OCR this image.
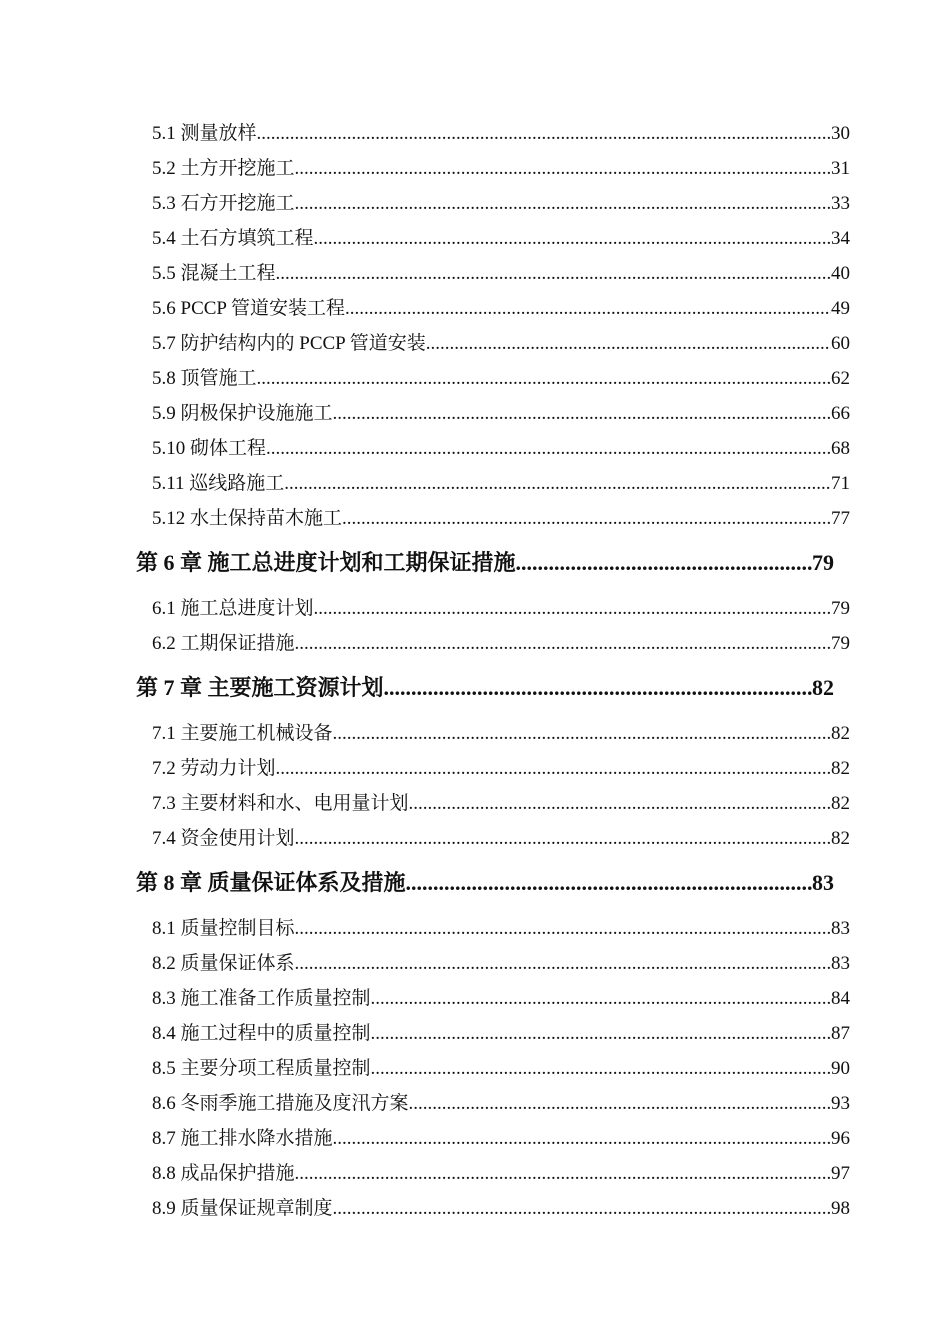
5.1 测量放样 .....	30
5.2 土方开挖施工 .....	31
5.3 石方开挖施工 .....	33
5.4 土石方填筑工程 .....	34
5.5 混凝土工程 .....	40
5.6 PCCP 管道安装工程 .....	49
5.7 防护结构内的 PCCP 管道安装 .....	60
5.8 顶管施工 .....	62
5.9 阴极保护设施施工 .....	66
5.10 砌体工程 .....	68
5.11 巡线路施工 .....	71
5.12 水土保持苗木施工 .....	77
第 6 章 施工总进度计划和工期保证措施 .....	79
6.1 施工总进度计划 .....	79
6.2 工期保证措施 .....	79
第 7 章 主要施工资源计划 .....	82
7.1 主要施工机械设备 .....	82
7.2 劳动力计划 .....	82
7.3 主要材料和水、电用量计划 .....	82
7.4 资金使用计划 .....	82
第 8 章 质量保证体系及措施 .....	83
8.1 质量控制目标 .....	83
8.2 质量保证体系 .....	83
8.3 施工准备工作质量控制 .....	84
8.4 施工过程中的质量控制 .....	87
8.5 主要分项工程质量控制 .....	90
8.6 冬雨季施工措施及度汛方案 .....	93
8.7 施工排水降水措施 .....	96
8.8 成品保护措施 .....	97
8.9 质量保证规章制度 .....	98
